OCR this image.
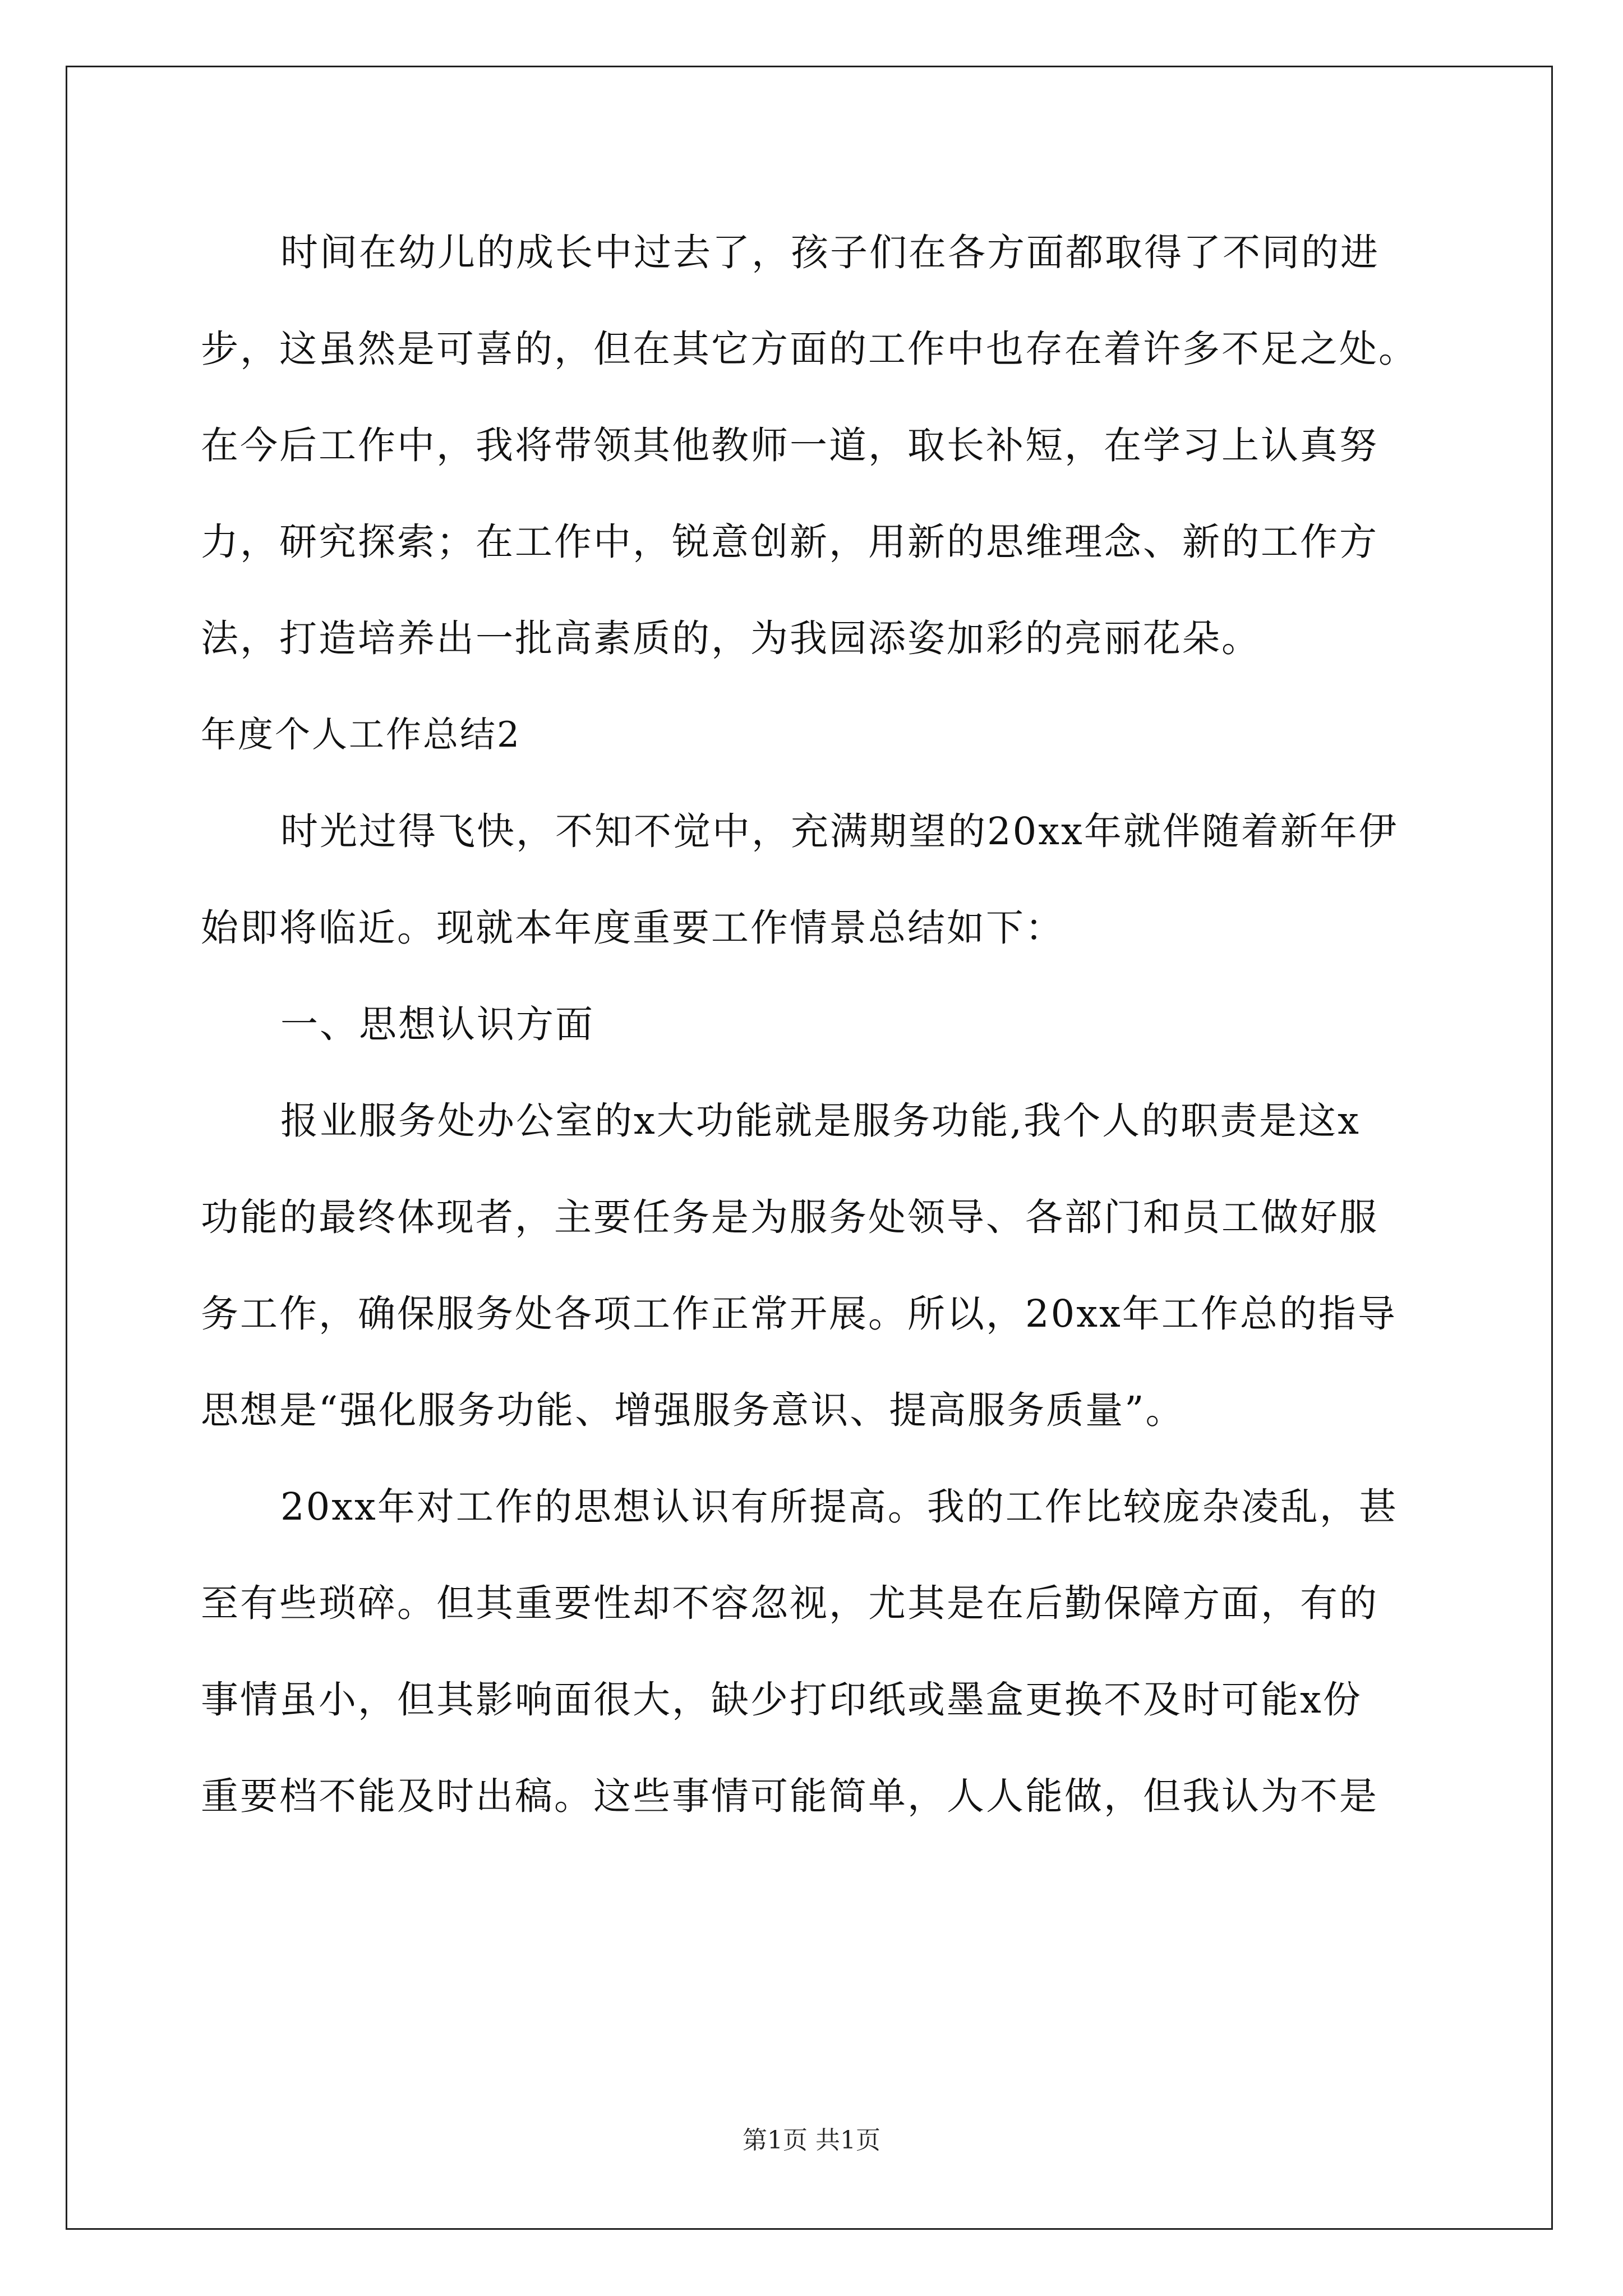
时间在幼儿的成长中过去了，孩子们在各方面都取得了不同的进
步，这虽然是可喜的，但在其它方面的工作中也存在着许多不足之处。
在今后工作中，我将带领其他教师一道，取长补短，在学习上认真努
力，研究探索；在工作中，锐意创新，用新的思维理念、新的工作方
法，打造培养出一批高素质的，为我园添姿加彩的亮丽花朵。
年度个人工作总结2
时光过得飞快，不知不觉中，充满期望的20xx年就伴随着新年伊
始即将临近。现就本年度重要工作情景总结如下：
一、思想认识方面
报业服务处办公室的x大功能就是服务功能,我个人的职责是这x
功能的最终体现者，主要任务是为服务处领导、各部门和员工做好服
务工作，确保服务处各项工作正常开展。所以，20xx年工作总的指导
思想是“强化服务功能、增强服务意识、提高服务质量”。
20xx年对工作的思想认识有所提高。我的工作比较庞杂凌乱，甚
至有些琐碎。但其重要性却不容忽视，尤其是在后勤保障方面，有的
事情虽小，但其影响面很大，缺少打印纸或墨盒更换不及时可能x份
重要档不能及时出稿。这些事情可能简单，人人能做，但我认为不是
第1页 共1页
